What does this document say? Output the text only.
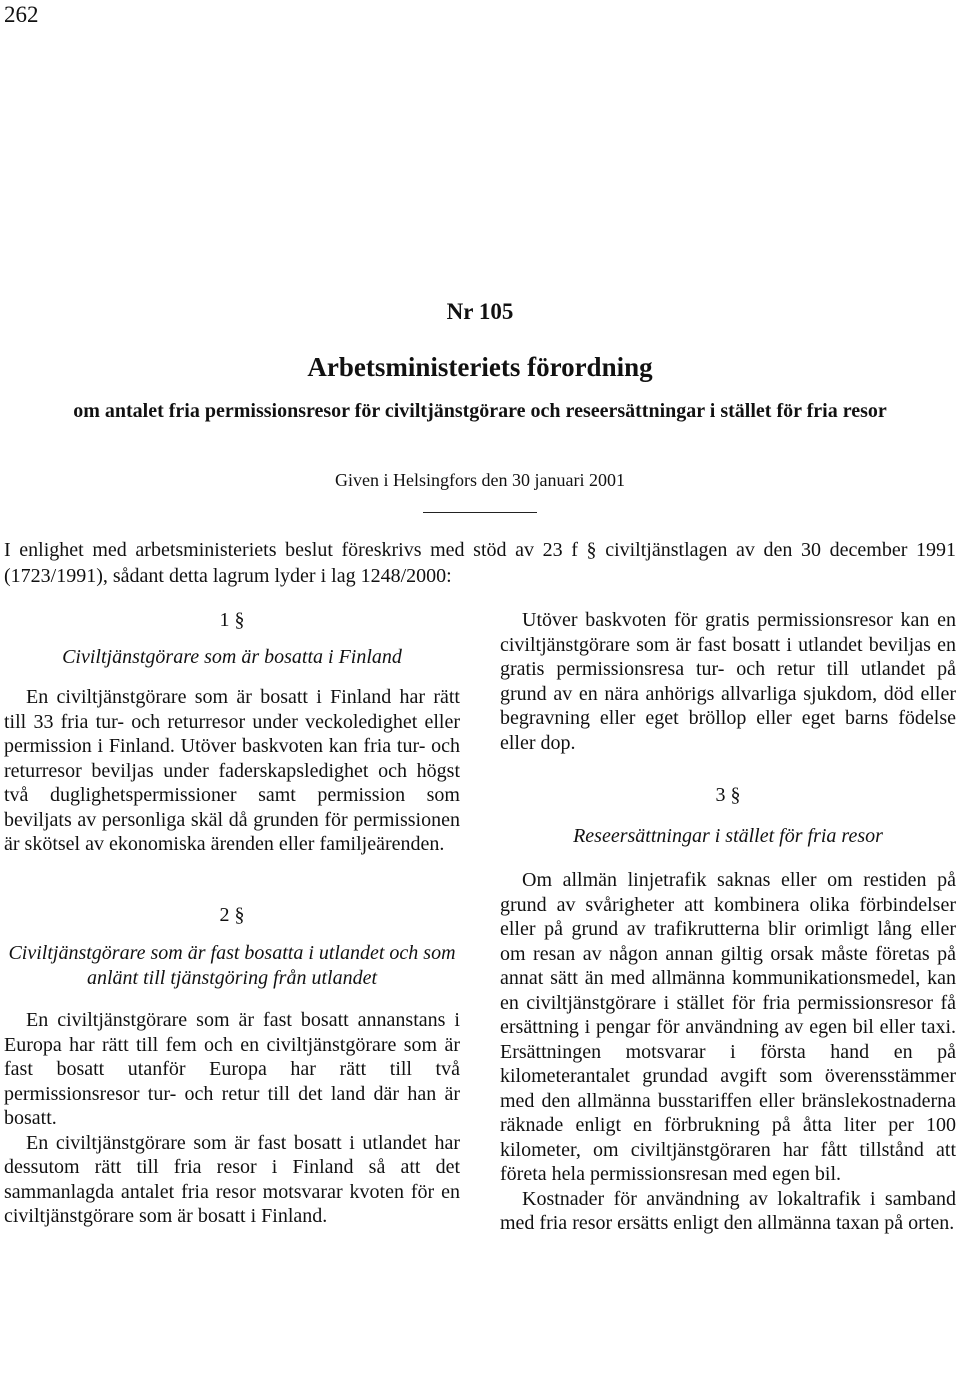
262
Nr 105
Arbetsministeriets förordning
om antalet fria permissionsresor för civiltjänstgörare och reseersättningar i stället för fria resor
Given i Helsingfors den 30 januari 2001
I enlighet med arbetsministeriets beslut föreskrivs med stöd av 23 f § civiltjänstlagen av den 30 december 1991 (1723/1991), sådant detta lagrum lyder i lag 1248/2000:
1 §
Civiltjänstgörare som är bosatta i Finland

En civiltjänstgörare som är bosatt i Finland har rätt till 33 fria tur- och returresor under veckoledighet eller permission i Finland. Utöver baskvoten kan fria tur- och returresor beviljas under faderskapsledighet och högst två duglighetspermissioner samt permission som beviljats av personliga skäl då grunden för permissionen är skötsel av ekonomiska ärenden eller familjeärenden.

2 §
Civiltjänstgörare som är fast bosatta i utlandet och som anlänt till tjänstgöring från utlandet

En civiltjänstgörare som är fast bosatt annanstans i Europa har rätt till fem och en civiltjänstgörare som är fast bosatt utanför Europa har rätt till två permissionsresor tur- och retur till det land där han är bosatt.

En civiltjänstgörare som är fast bosatt i utlandet har dessutom rätt till fria resor i Finland så att det sammanlagda antalet fria resor motsvarar kvoten för en civiltjänstgörare som är bosatt i Finland.

Utöver baskvoten för gratis permissionsresor kan en civiltjänstgörare som är fast bosatt i utlandet beviljas en gratis permissionsresa tur- och retur till utlandet på grund av en nära anhörigs allvarliga sjukdom, död eller begravning eller eget bröllop eller eget barns födelse eller dop.

3 §
Reseersättningar i stället för fria resor

Om allmän linjetrafik saknas eller om restiden på grund av svårigheter att kombinera olika förbindelser eller på grund av trafikrutterna blir orimligt lång eller om resan av någon annan giltig orsak måste företas på annat sätt än med allmänna kommunikationsmedel, kan en civiltjänstgörare i stället för fria permissionsresor få ersättning i pengar för användning av egen bil eller taxi. Ersättningen motsvarar i första hand en på kilometerantalet grundad avgift som överensstämmer med den allmänna busstariffen eller bränslekostnaderna räknade enligt en förbrukning på åtta liter per 100 kilometer, om civiltjänstgöraren har fått tillstånd att företa hela permissionsresan med egen bil.

Kostnader för användning av lokaltrafik i samband med fria resor ersätts enligt den allmänna taxan på orten.
